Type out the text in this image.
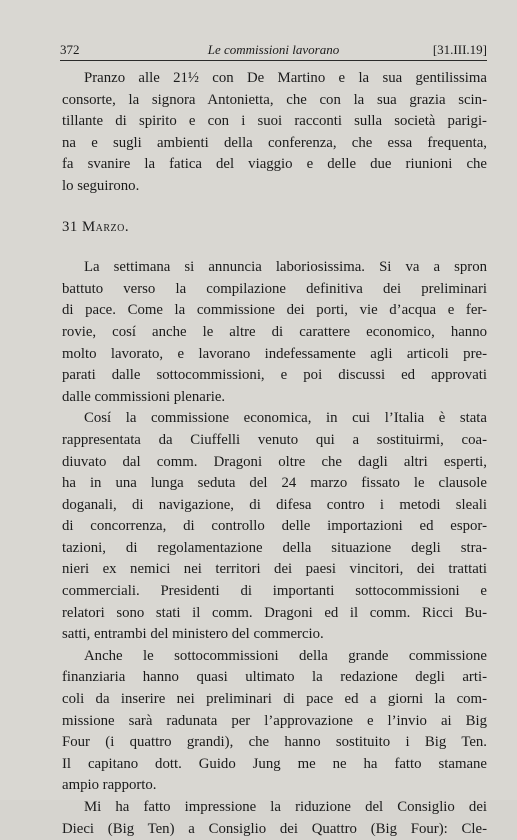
372	Le commissioni lavorano	[31.III.19]
Pranzo alle 21½ con De Martino e la sua gentilissima
consorte, la signora Antonietta, che con la sua grazia scin-
tillante di spirito e con i suoi racconti sulla società parigi-
na e sugli ambienti della conferenza, che essa frequenta,
fa svanire la fatica del viaggio e delle due riunioni che
lo seguirono.
31 Marzo.
La settimana si annuncia laboriosissima. Si va a spron
battuto verso la compilazione definitiva dei preliminari
di pace. Come la commissione dei porti, vie d’acqua e fer-
rovie, cosí anche le altre di carattere economico, hanno
molto lavorato, e lavorano indefessamente agli articoli pre-
parati dalle sottocommissioni, e poi discussi ed approvati
dalle commissioni plenarie.
Cosí la commissione economica, in cui l’Italia è stata
rappresentata da Ciuffelli venuto qui a sostituirmi, coa-
diuvato dal comm. Dragoni oltre che dagli altri esperti,
ha in una lunga seduta del 24 marzo fissato le clausole
doganali, di navigazione, di difesa contro i metodi sleali
di concorrenza, di controllo delle importazioni ed espor-
tazioni, di regolamentazione della situazione degli stra-
nieri ex nemici nei territori dei paesi vincitori, dei trattati
commerciali. Presidenti di importanti sottocommissioni e
relatori sono stati il comm. Dragoni ed il comm. Ricci Bu-
satti, entrambi del ministero del commercio.
Anche le sottocommissioni della grande commissione
finanziaria hanno quasi ultimato la redazione degli arti-
coli da inserire nei preliminari di pace ed a giorni la com-
missione sarà radunata per l’approvazione e l’invio ai Big
Four (i quattro grandi), che hanno sostituito i Big Ten.
Il capitano dott. Guido Jung me ne ha fatto stamane
ampio rapporto.
Mi ha fatto impressione la riduzione del Consiglio dei
Dieci (Big Ten) a Consiglio dei Quattro (Big Four): Cle-
